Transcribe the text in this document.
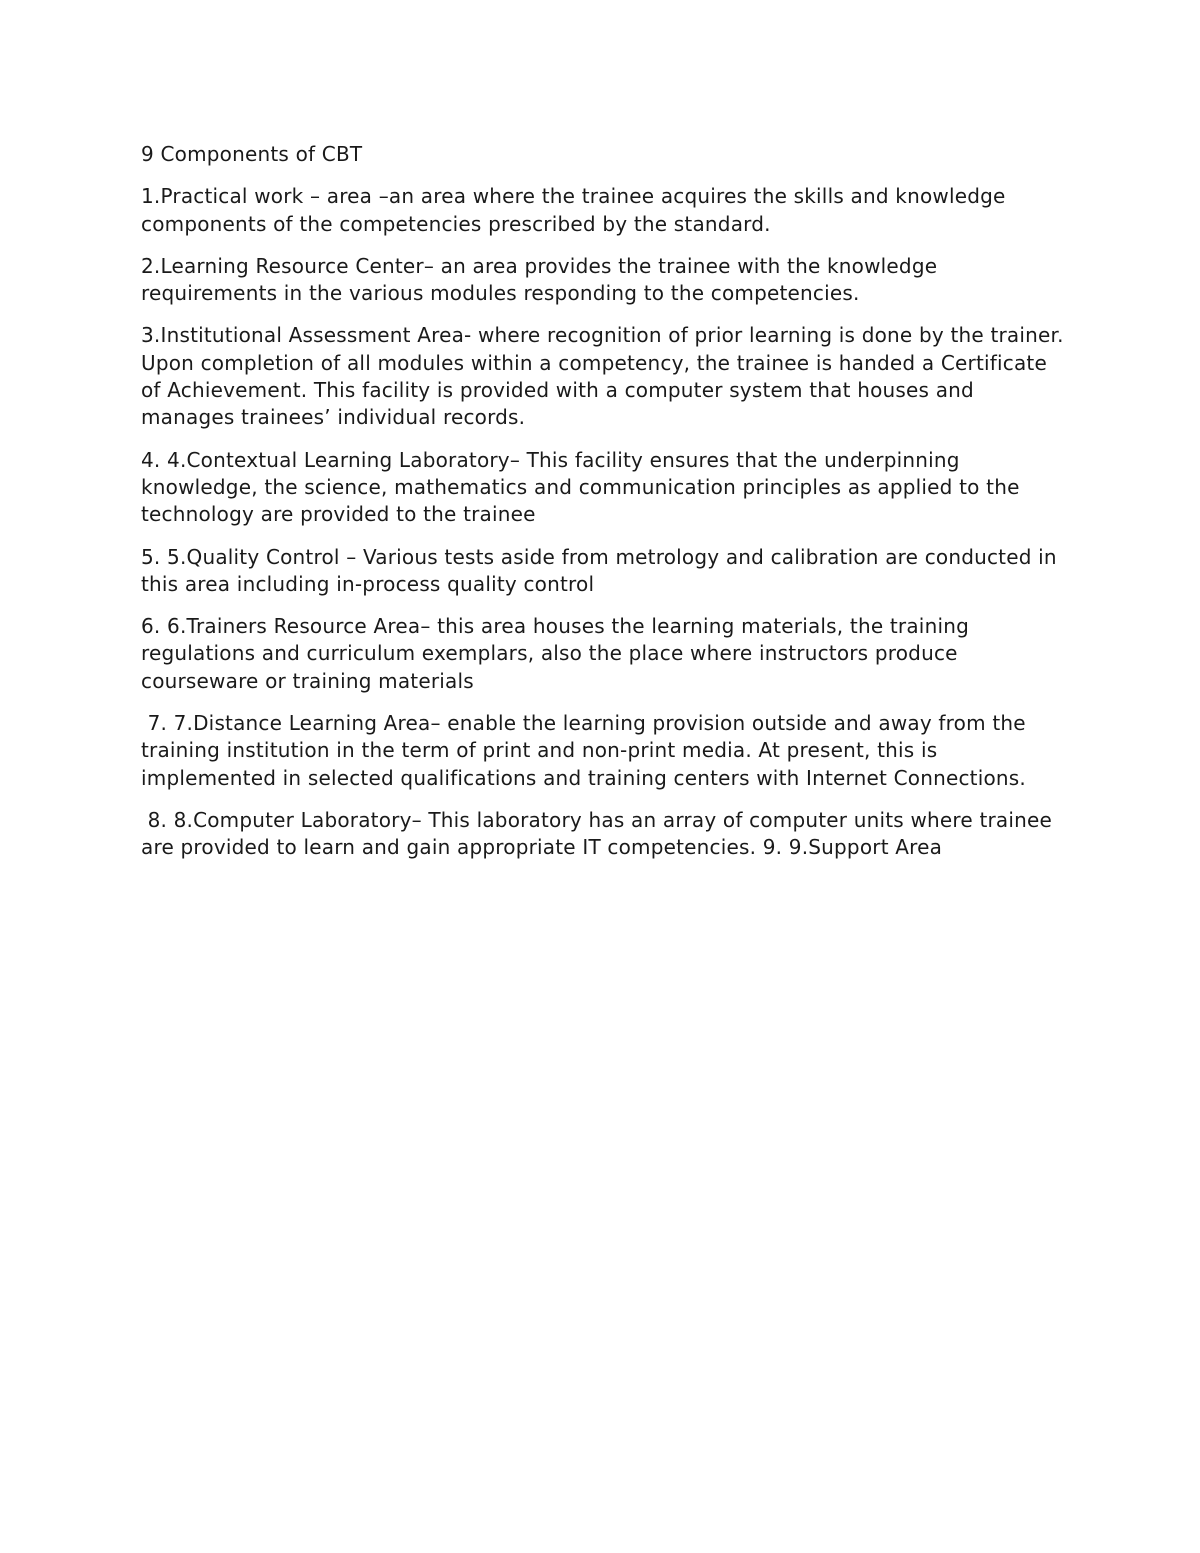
9 Components of CBT

1.Practical work – area –an area where the trainee acquires the skills and knowledge components of the competencies prescribed by the standard.

2.Learning Resource Center– an area provides the trainee with the knowledge requirements in the various modules responding to the competencies.

3.Institutional Assessment Area- where recognition of prior learning is done by the trainer. Upon completion of all modules within a competency, the trainee is handed a Certificate of Achievement. This facility is provided with a computer system that houses and manages trainees’ individual records.

4. 4.Contextual Learning Laboratory– This facility ensures that the underpinning knowledge, the science, mathematics and communication principles as applied to the technology are provided to the trainee

5. 5.Quality Control – Various tests aside from metrology and calibration are conducted in this area including in-process quality control

6. 6.Trainers Resource Area– this area houses the learning materials, the training regulations and curriculum exemplars, also the place where instructors produce courseware or training materials

7. 7.Distance Learning Area– enable the learning provision outside and away from the training institution in the term of print and non-print media. At present, this is implemented in selected qualifications and training centers with Internet Connections.

8. 8.Computer Laboratory– This laboratory has an array of computer units where trainee are provided to learn and gain appropriate IT competencies. 9. 9.Support Area
